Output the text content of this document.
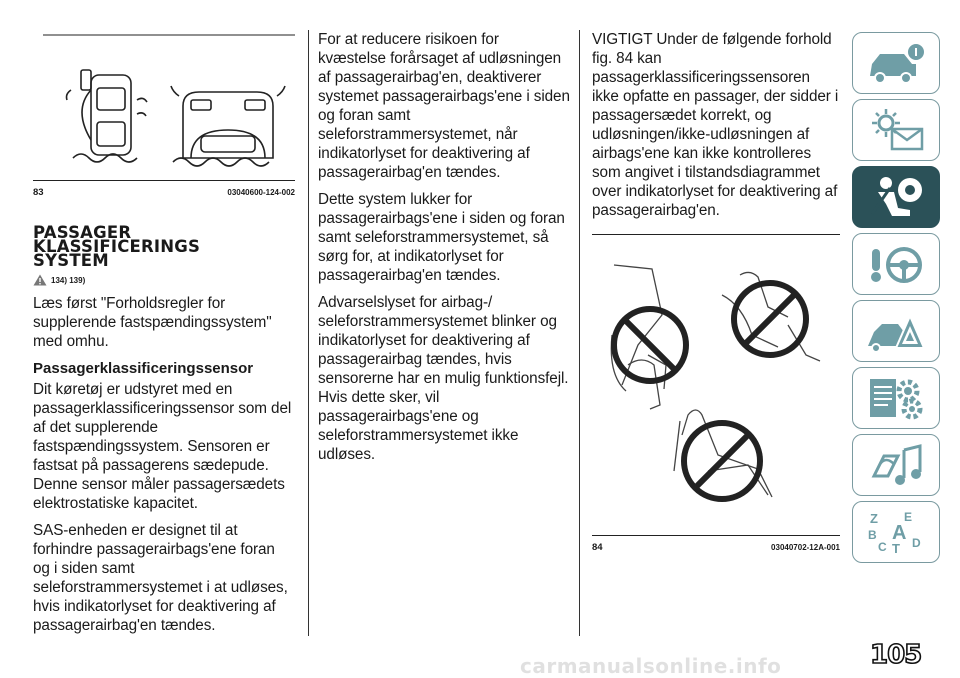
83	03040600-124-002
PASSAGER
KLASSIFICERINGS
SYSTEM
134) 139)

Læs først "Forholdsregler for supplerende fastspændingssystem" med omhu.

Passagerklassificeringssensor

Dit køretøj er udstyret med en passagerklassificeringssensor som del af det supplerende fastspændingssystem. Sensoren er fastsat på passagerens sædepude. Denne sensor måler passagersædets elektrostatiske kapacitet.

SAS-enheden er designet til at forhindre passagerairbags'ene foran og i siden samt seleforstrammersystemet i at udløses, hvis indikatorlyset for deaktivering af passagerairbag'en tændes.

For at reducere risikoen for kvæstelse forårsaget af udløsningen af passagerairbag'en, deaktiverer systemet passagerairbags'ene i siden og foran samt seleforstrammersystemet, når indikatorlyset for deaktivering af passagerairbag'en tændes.

Dette system lukker for passagerairbags'ene i siden og foran samt seleforstrammersystemet, så sørg for, at indikatorlyset for passagerairbag'en tændes.

Advarselslyset for airbag-/ seleforstrammersystemet blinker og indikatorlyset for deaktivering af passagerairbag tændes, hvis sensorerne har en mulig funktionsfejl. Hvis dette sker, vil passagerairbags'ene og seleforstrammersystemet ikke udløses.

VIGTIGT Under de følgende forhold fig. 84 kan passagerklassificeringssensoren ikke opfatte en passager, der sidder i passagersædet korrekt, og udløsningen/ikke-udløsningen af airbags'ene kan ikke kontrolleres som angivet i tilstandsdiagrammet over indikatorlyset for deaktivering af passagerairbag'en.

84	03040702-12A-001
Z E
B A
C T D
carmanualsonline.info	105
